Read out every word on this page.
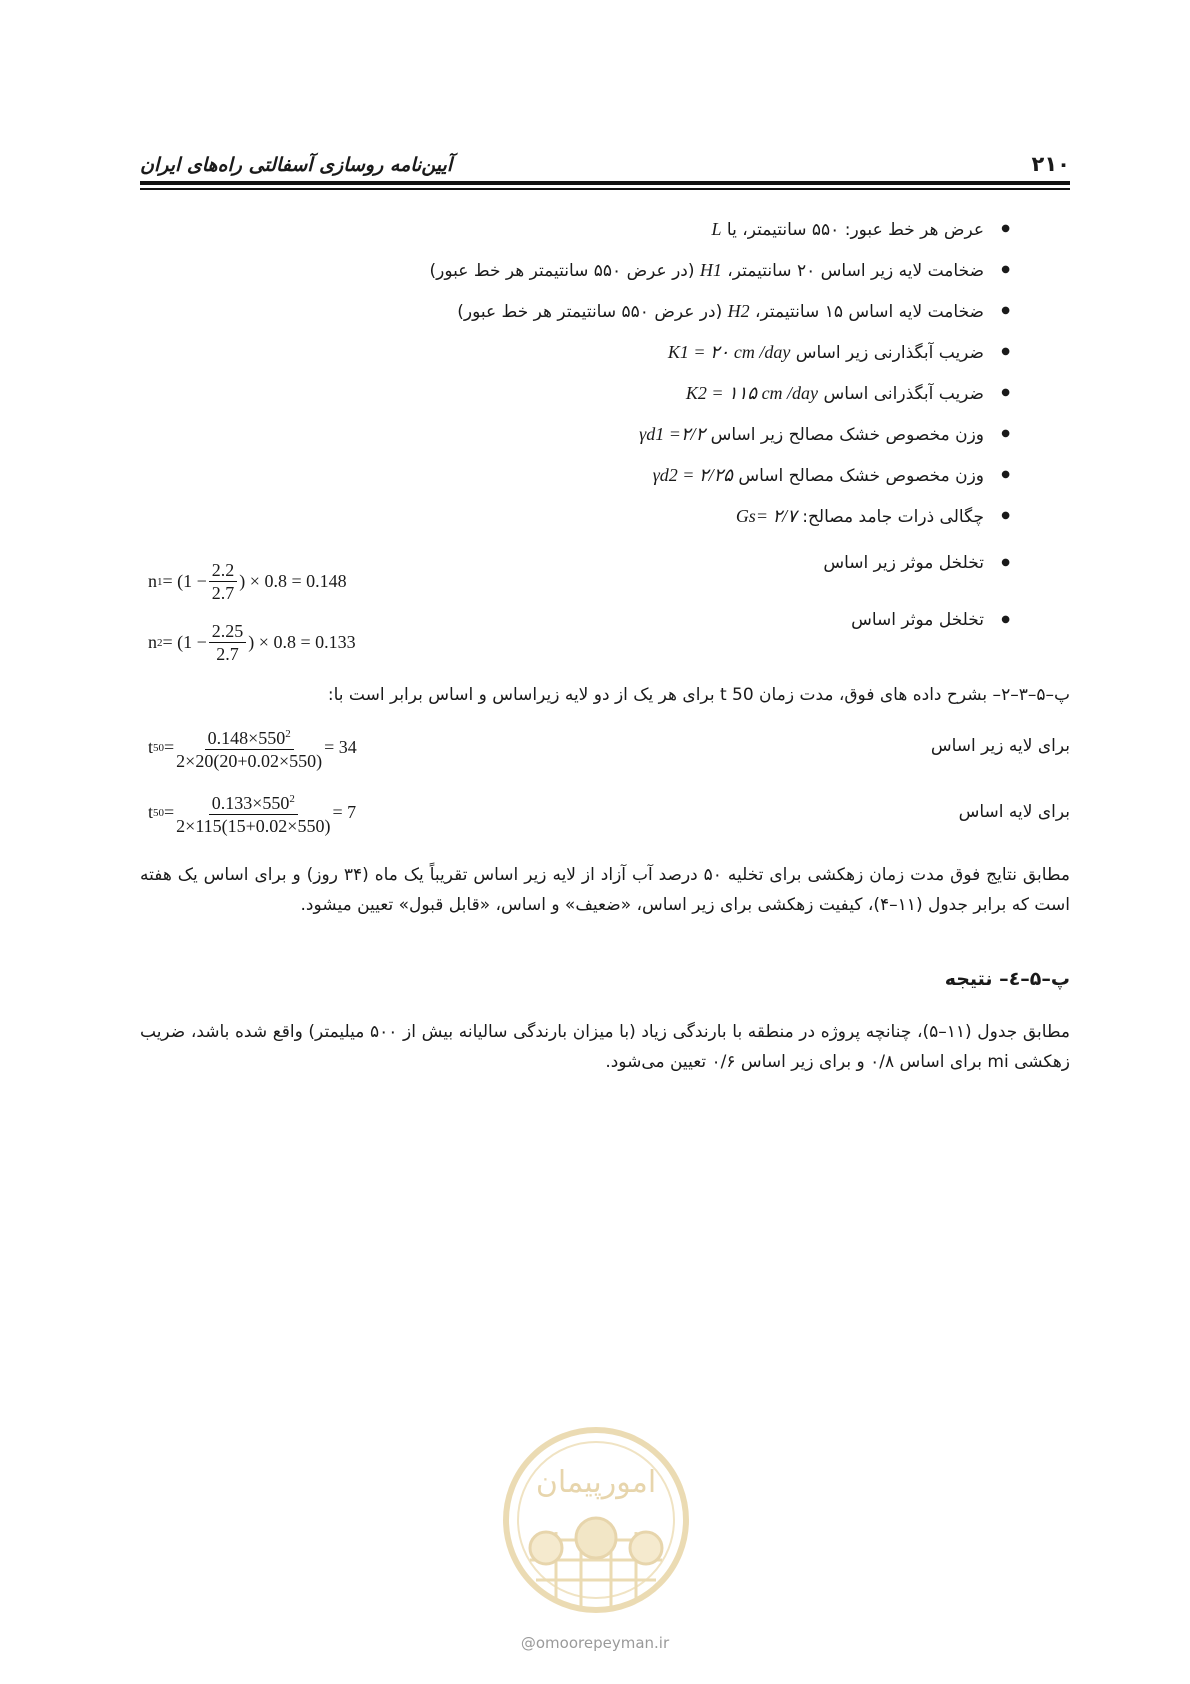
آیین‌نامه روسازی آسفالتی راه‌های ایران	۲۱۰
● عرض هر خط عبور: ۵۵۰ سانتیمتر، یا L
● ضخامت لایه زیر اساس ۲۰ سانتیمتر، H1 (در عرض ۵۵۰ سانتیمتر هر خط عبور)
● ضخامت لایه اساس ۱۵ سانتیمتر، H2 (در عرض ۵۵۰ سانتیمتر هر خط عبور)
● ضریب آبگذارنی زیر اساس K1 = ۲۰ cm /day
● ضریب آبگذرانی اساس K2 = ۱۱۵ cm /day
● وزن مخصوص خشک مصالح زیر اساس γd1 =۲/۲
● وزن مخصوص خشک مصالح اساس γd2 = ۲/۲۵
● چگالی ذرات جامد مصالح: Gs= ۲/۷
● تخلخل موثر زیر اساس
● تخلخل موثر اساس
n $1 = (1 - \frac{2.2}{2.7}$ ) × 0.8 = 0.148
n $2 = (1 - \frac{2.25}{2.7}$ ) × 0.8 = 0.133

پ–۵–۳–۲– بشرح داده های فوق، مدت زمان t 50 برای هر یک از دو لایه زیراساس و اساس برابر است با:

برای لایه زیر اساس

t $50 = \frac{0.148\times 550^2}{2\times 20(20+0.02\times 550)} = 34$

برای لایه اساس

t $50 = \frac{0.133\times 550^2}{2\times 115(15+0.02\times 550)} = 7$

مطابق نتایج فوق مدت زمان زهکشی برای تخلیه ۵۰ درصد آب آزاد از لایه زیر اساس تقریباً یک ماه (۳۴ روز) و برای اساس یک هفته است که برابر جدول (۱۱–۴)، کیفیت زهکشی برای زیر اساس، «ضعیف» و اساس، «قابل قبول» تعیین میشود.

پ–۵–٤– نتیجه

مطابق جدول (۱۱–۵)، چنانچه پروژه در منطقه با بارندگی زیاد (با میزان بارندگی سالیانه بیش از ۵۰۰ میلیمتر) واقع شده باشد، ضریب زهکشی mi برای اساس ۰/۸ و برای زیر اساس ۰/۶ تعیین می‌شود.

امورپیمان
@omoorepeyman.ir
